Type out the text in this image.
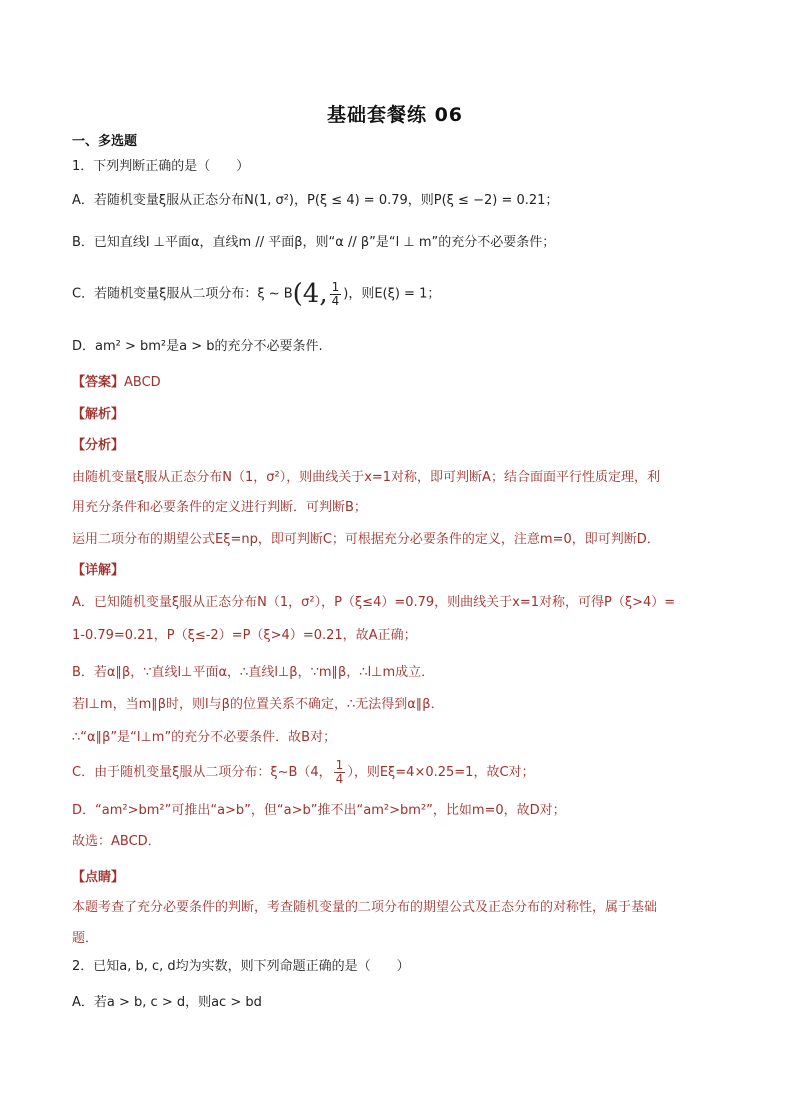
基础套餐练 06
一、多选题
1．下列判断正确的是（　　）
A．若随机变量ξ服从正态分布N(1, σ²)，P(ξ ≤ 4) = 0.79，则P(ξ ≤ −2) = 0.21；
B．已知直线l ⊥平面α，直线m // 平面β，则“α // β”是“l ⊥ m”的充分不必要条件；
C．若随机变量ξ服从二项分布：ξ ~ B(4, $\frac{1}{4}$ )，则E(ξ) = 1；
D．am² > bm²是a > b的充分不必要条件.
【答案】ABCD
【解析】
【分析】
由随机变量ξ服从正态分布N（1，σ²），则曲线关于x=1对称，即可判断A；结合面面平行性质定理，利
用充分条件和必要条件的定义进行判断．可判断B；
运用二项分布的期望公式Eξ=np，即可判断C；可根据充分必要条件的定义，注意m=0，即可判断D．
【详解】
A．已知随机变量ξ服从正态分布N（1，σ²），P（ξ≤4）=0.79，则曲线关于x=1对称，可得P（ξ>4）=
1-0.79=0.21，P（ξ≤-2）=P（ξ>4）=0.21，故A正确；
B．若α∥β，∵直线l⊥平面α，∴直线l⊥β，∵m∥β，∴l⊥m成立．
若l⊥m，当m∥β时，则l与β的位置关系不确定，∴无法得到α∥β．
∴“α∥β”是“l⊥m”的充分不必要条件．故B对；
C．由于随机变量ξ服从二项分布：ξ~B（4， $\frac{1}{4}$ ），则Eξ=4×0.25=1，故C对；
D．“am²>bm²”可推出“a>b”，但“a>b”推不出“am²>bm²”，比如m=0，故D对；
故选：ABCD．
【点睛】
本题考查了充分必要条件的判断，考查随机变量的二项分布的期望公式及正态分布的对称性，属于基础
题．
2．已知a, b, c, d均为实数，则下列命题正确的是（　　）
A．若a > b, c > d，则ac > bd
